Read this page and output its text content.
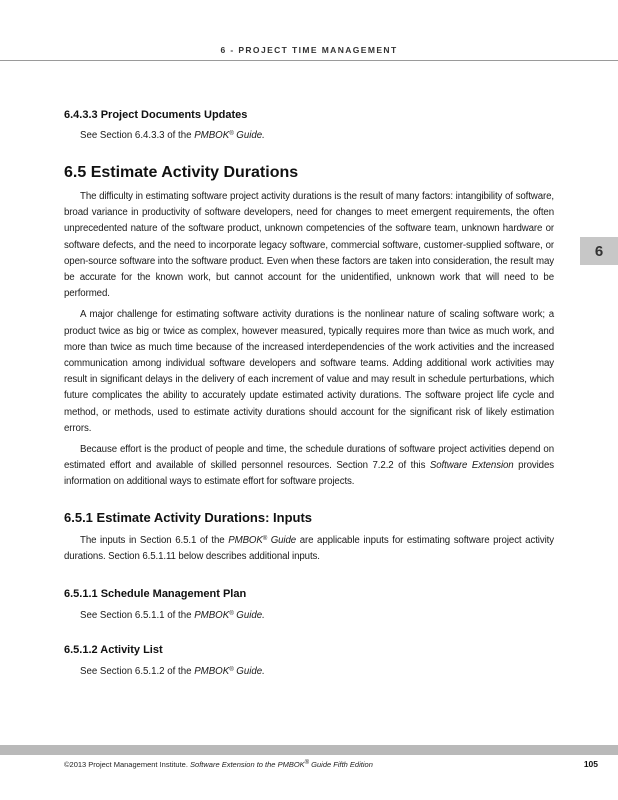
6 - PROJECT TIME MANAGEMENT
6
6.4.3.3 Project Documents Updates

See Section 6.4.3.3 of the PMBOK® Guide.

6.5 Estimate Activity Durations

The difficulty in estimating software project activity durations is the result of many factors: intangibility of software, broad variance in productivity of software developers, need for changes to meet emergent requirements, the often unprecedented nature of the software product, unknown competencies of the software team, unknown hardware or software defects, and the need to incorporate legacy software, commercial software, customer-supplied software, or open-source software into the software product. Even when these factors are taken into consideration, the result may be accurate for the known work, but cannot account for the unidentified, unknown work that will need to be performed.

A major challenge for estimating software activity durations is the nonlinear nature of scaling software work; a product twice as big or twice as complex, however measured, typically requires more than twice as much work, and more than twice as much time because of the increased interdependencies of the work activities and the increased communication among individual software developers and software teams. Adding additional work activities may result in significant delays in the delivery of each increment of value and may result in schedule perturbations, which future complicates the ability to accurately update estimated activity durations. The software project life cycle and method, or methods, used to estimate activity durations should account for the significant risk of likely estimation errors.

Because effort is the product of people and time, the schedule durations of software project activities depend on estimated effort and available of skilled personnel resources. Section 7.2.2 of this Software Extension provides information on additional ways to estimate effort for software projects.

6.5.1 Estimate Activity Durations: Inputs

The inputs in Section 6.5.1 of the PMBOK® Guide are applicable inputs for estimating software project activity durations. Section 6.5.1.11 below describes additional inputs.

6.5.1.1 Schedule Management Plan

See Section 6.5.1.1 of the PMBOK® Guide.

6.5.1.2 Activity List

See Section 6.5.1.2 of the PMBOK® Guide.

©2013 Project Management Institute. Software Extension to the PMBOK® Guide Fifth Edition	105
